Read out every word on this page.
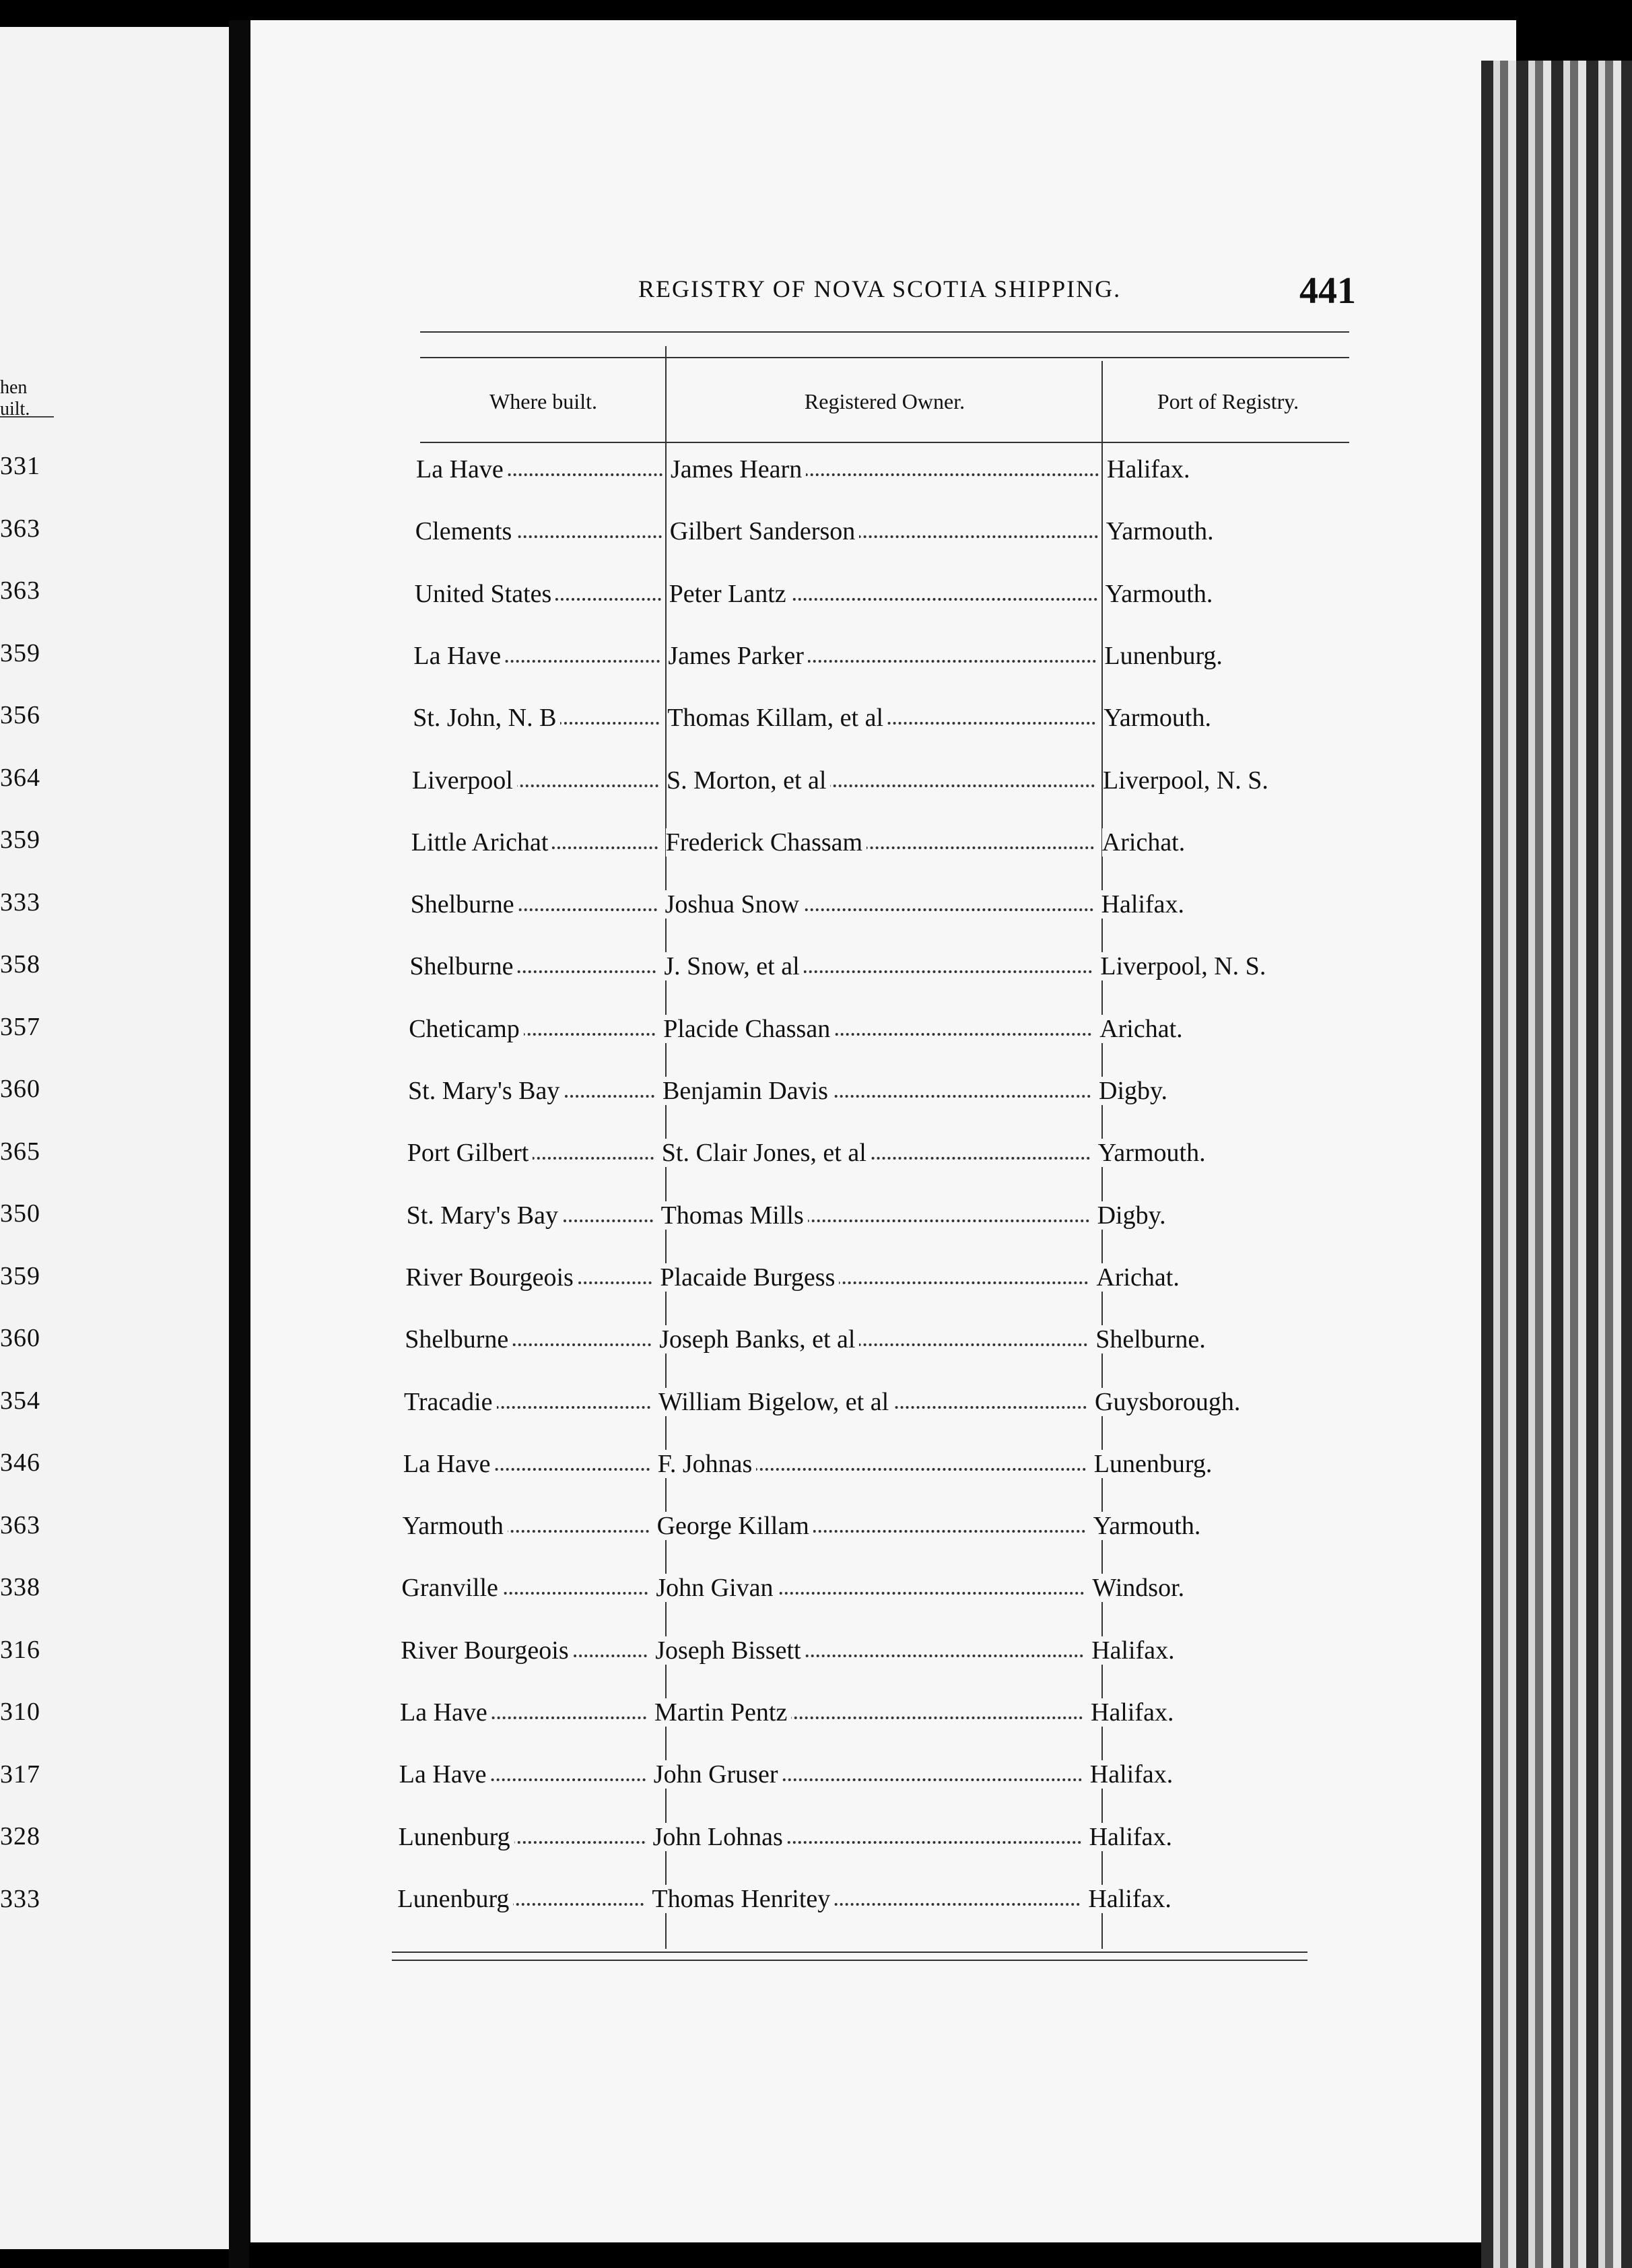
hen
uilt.
331
363
363
359
356
364
359
333
358
357
360
365
350
359
360
354
346
363
338
316
310
317
328
333
REGISTRY OF NOVA SCOTIA SHIPPING.	441
Where built.	Registered Owner.	Port of Registry.
La Have	James Hearn	Halifax.
Clements	Gilbert Sanderson	Yarmouth.
United States	Peter Lantz	Yarmouth.
La Have	James Parker	Lunenburg.
St. John, N. B	Thomas Killam, et al	Yarmouth.
Liverpool	S. Morton, et al	Liverpool, N. S.
Little Arichat	Frederick Chassam	Arichat.
Shelburne	Joshua Snow	Halifax.
Shelburne	J. Snow, et al	Liverpool, N. S.
Cheticamp	Placide Chassan	Arichat.
St. Mary's Bay	Benjamin Davis	Digby.
Port Gilbert	St. Clair Jones, et al	Yarmouth.
St. Mary's Bay	Thomas Mills	Digby.
River Bourgeois	Placaide Burgess	Arichat.
Shelburne	Joseph Banks, et al	Shelburne.
Tracadie	William Bigelow, et al	Guysborough.
La Have	F. Johnas	Lunenburg.
Yarmouth	George Killam	Yarmouth.
Granville	John Givan	Windsor.
River Bourgeois	Joseph Bissett	Halifax.
La Have	Martin Pentz	Halifax.
La Have	John Gruser	Halifax.
Lunenburg	John Lohnas	Halifax.
Lunenburg	Thomas Henritey	Halifax.
